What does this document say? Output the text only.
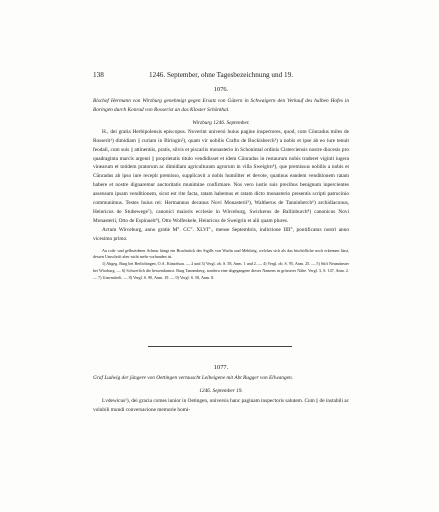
138	1246. September, ohne Tagesbezeichnung und 19.
1076.
Bischof Hermann von Wirzburg genehmigt gegen Ersatz von Gütern in Schwaigern den Verkauf des halben Hofes in Boringen durch Konrad von Rosserist an das Kloster Schönthal.
Wirzburg 1246. September.

H., dei gratia Herbipolensis episcopus. Noverint universi huius pagine inspectores, quod, cum Cūnradus miles de Rosserit¹) dimidiam || curiam in Biringin²), quam vir nobilis Crafto de Bockisberch³) a nobis et ipse ab eo iure tenuit feodali, cum suis || attinentiis, pratis, silvis et piscariis monasterio in Schonintal ordinis Cisterciensis nostre diocesis pro quadraginta marcis argenti || proprietatis titulo vendidisset et idem Cūnradus in restaurum nobis traderet viginti iugera vinearum et totidem pratorum ac dimidiam agriculturam agrorum in villa Sweigirn⁴), que premissus nobilis a nobis et Cūnradus ab ipso iure recepit premisso, supplicavit a nobis humiliter et devote, quatinus eandem venditionem ratam habere et nostre dignaremur auctoritatis munimine confirmare. Nos vero iustis suis precibus benignum inpercientes assensum ipsam venditionem, sicut est rite facta, ratam habemus et ratam dicto monasterio presentis scripti patrocinio communimus. Testes huius rei: Hermannus decanus Novi Monasterii⁵), Waltherus de Tanninberch⁶) archidiaconus, Heinricus de Stubewege⁷), canonici maioris ecclesie in Wirceburg, Swickerus de Ballinburch⁸) canonicus Novi Monasterii, Otto de Espinueit⁹), Otto Wolfeskele, Heinricus de Sweigrin et alii quam plures.

Actum Wirceburg, anno gratie M°. CC°. XLVI°., mense Septembris, indictione IIII°, pontificatus nostri anno vicesimo primo.

An roth- und gelbseidener Schnur hängt ein Bruchstück des Sigills von Wachs und Mehlteig, welches sich als das bischöfliche noch erkennen lässt, dessen Umschrift aber nicht mehr vorhanden ist.

1) Abgeg. Burg bei Berlichingen, O.A. Künzelsau. — 2 und 3) Vergl. ob. S. 58, Anm. 1 und 2. — 4) Vergl. ob. S. 95, Anm. 25. — 5) Stift Neumünster bei Wirzburg. — 6) Schwerlich die hessendarmst. Burg Tannenberg, sondern eine abgegangene dieses Namens in grösserer Nähe. Vergl. 3, S. 147, Anm. 2. — 7) Unermittelt. — 8) Vergl. S. 90, Anm. 19. — 9) Vergl. S. 58, Anm. 8.

1077.
Graf Ludwig der jüngere von Oettingen vertauscht Leibeigene mit Abt Rugger von Ellwangen.
1246. September 19.

Lvdewicus¹), dei gracia comes iunior in Oetingen, universis hanc paginam inspectoris salutem. Cum || de instabili ac volubili mundi conversacione memorie homi-
